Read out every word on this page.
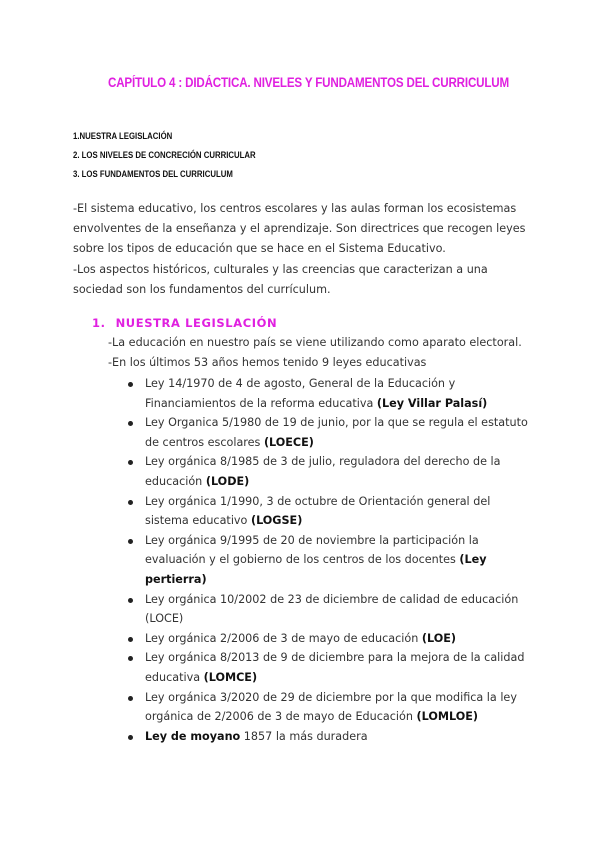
CAPÍTULO 4 : DIDÁCTICA. NIVELES Y FUNDAMENTOS DEL CURRICULUM
1.NUESTRA LEGISLACIÓN
2. LOS NIVELES DE CONCRECIÓN CURRICULAR
3. LOS FUNDAMENTOS DEL CURRICULUM

-El sistema educativo, los centros escolares y las aulas forman los ecosistemas envolventes de la enseñanza y el aprendizaje. Son directrices que recogen leyes sobre los tipos de educación que se hace en el Sistema Educativo.

-Los aspectos históricos, culturales y las creencias que caracterizan a una sociedad son los fundamentos del currículum.

1. NUESTRA LEGISLACIÓN
-La educación en nuestro país se viene utilizando como aparato electoral.
-En los últimos 53 años hemos tenido 9 leyes educativas
Ley 14/1970 de 4 de agosto, General de la Educación y Financiamientos de la reforma educativa (Ley Villar Palasí)
Ley Organica 5/1980 de 19 de junio, por la que se regula el estatuto de centros escolares (LOECE)
Ley orgánica 8/1985 de 3 de julio, reguladora del derecho de la educación (LODE)
Ley orgánica 1/1990, 3 de octubre de Orientación general del sistema educativo (LOGSE)
Ley orgánica 9/1995 de 20 de noviembre la participación la evaluación y el gobierno de los centros de los docentes (Ley pertierra)
Ley orgánica 10/2002 de 23 de diciembre de calidad de educación (LOCE)
Ley orgánica 2/2006 de 3 de mayo de educación (LOE)
Ley orgánica 8/2013 de 9 de diciembre para la mejora de la calidad educativa (LOMCE)
Ley orgánica 3/2020 de 29 de diciembre por la que modifica la ley orgánica de 2/2006 de 3 de mayo de Educación (LOMLOE)
Ley de moyano 1857 la más duradera
